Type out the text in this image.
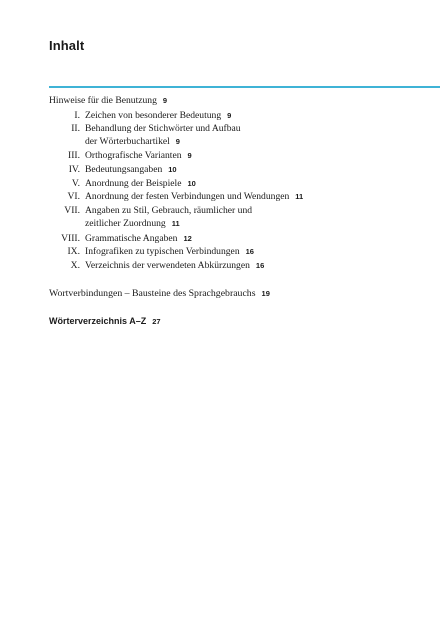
Inhalt
Hinweise für die Benutzung 9
I. Zeichen von besonderer Bedeutung 9
II. Behandlung der Stichwörter und Aufbau
der Wörterbuchartikel 9
III. Orthografische Varianten 9
IV. Bedeutungsangaben 10
V. Anordnung der Beispiele 10
VI. Anordnung der festen Verbindungen und Wendungen 11
VII. Angaben zu Stil, Gebrauch, räumlicher und
zeitlicher Zuordnung 11
VIII. Grammatische Angaben 12
IX. Infografiken zu typischen Verbindungen 16
X. Verzeichnis der verwendeten Abkürzungen 16
Wortverbindungen – Bausteine des Sprachgebrauchs 19
Wörterverzeichnis A–Z 27
